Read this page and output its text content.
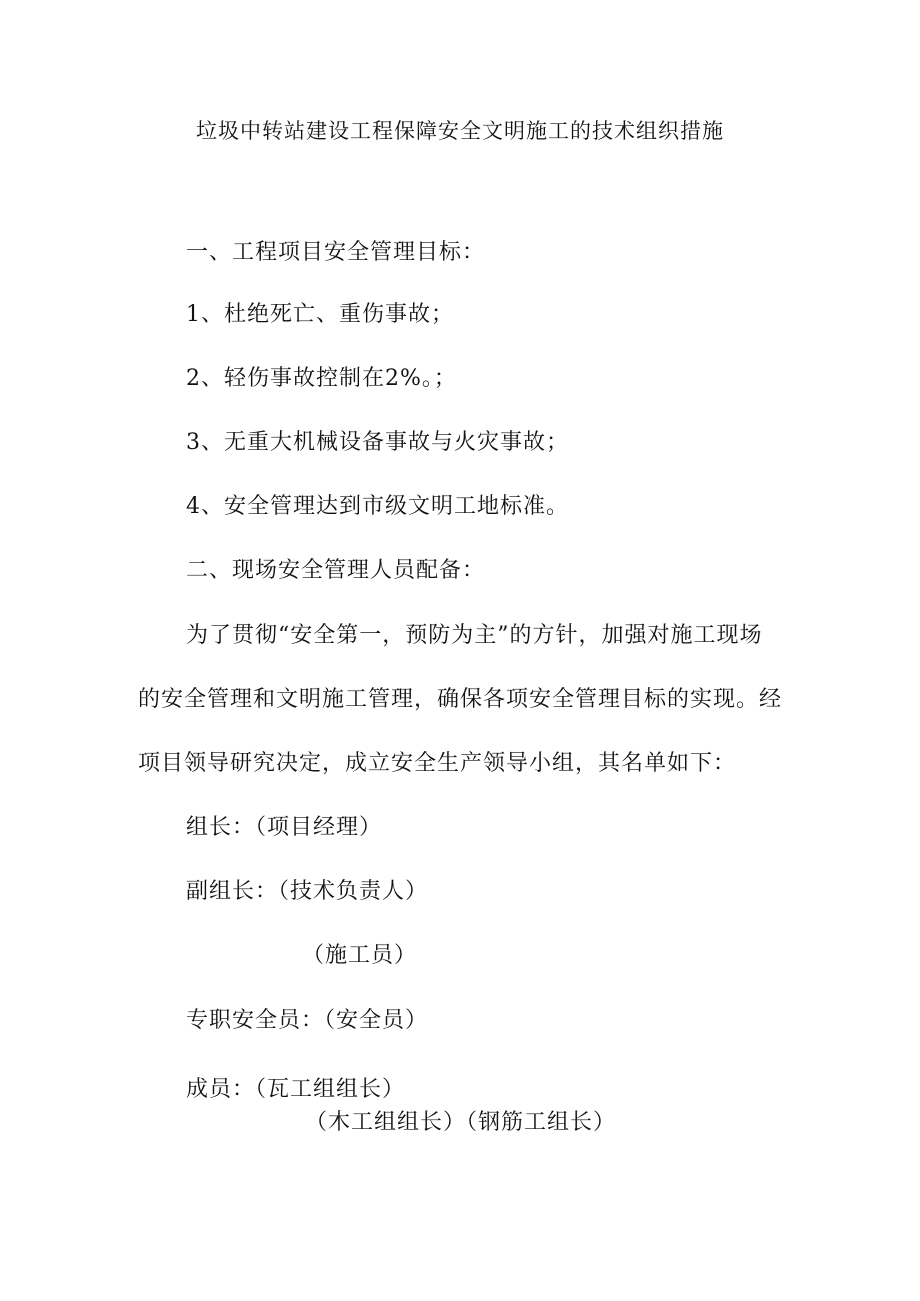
垃圾中转站建设工程保障安全文明施工的技术组织措施
一、工程项目安全管理目标：
1、杜绝死亡、重伤事故；
2、轻伤事故控制在2%。；
3、无重大机械设备事故与火灾事故；
4、安全管理达到市级文明工地标准。
二、现场安全管理人员配备：
为了贯彻“安全第一，预防为主”的方针，加强对施工现场
的安全管理和文明施工管理，确保各项安全管理目标的实现。经
项目领导研究决定，成立安全生产领导小组，其名单如下：
组长：（项目经理）
副组长：（技术负责人）
（施工员）
专职安全员：（安全员）
成员：（瓦工组组长）
（木工组组长）（钢筋工组长）
